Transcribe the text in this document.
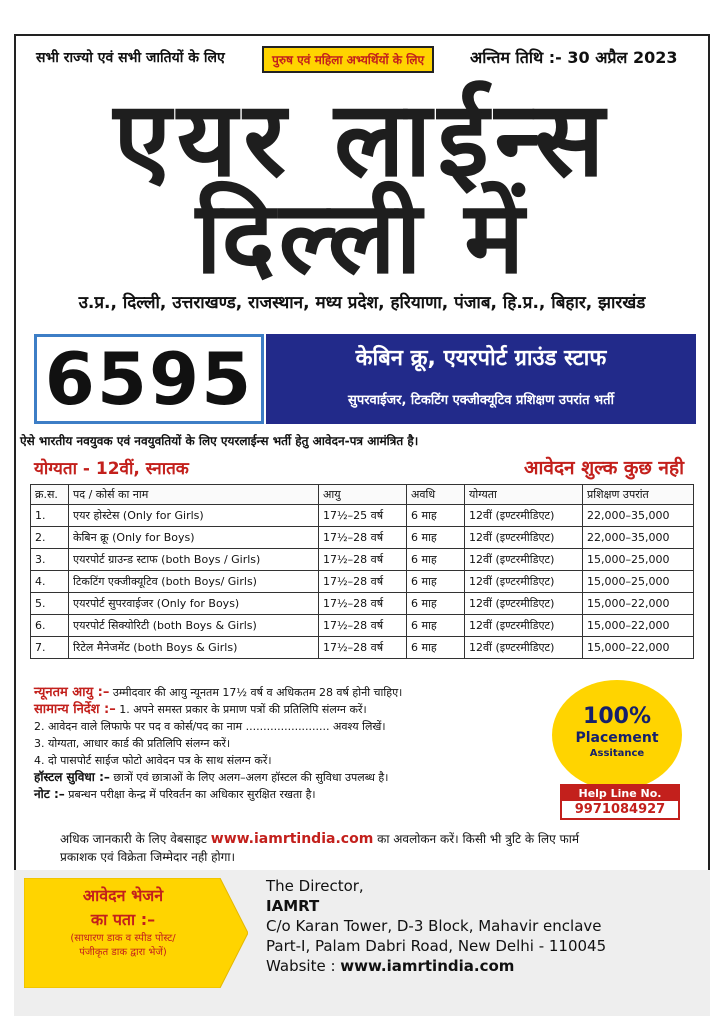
सभी राज्यो एवं सभी जातियों के लिए	पुरुष एवं महिला अभ्यर्थियों के लिए	अन्तिम तिथि :- 30 अप्रैल 2023
एयर लाईन्स
दिल्ली में
उ.प्र., दिल्ली, उत्तराखण्ड, राजस्थान, मध्य प्रदेश, हरियाणा, पंजाब, हि.प्र., बिहार, झारखंड
6595	केबिन क्रू, एयरपोर्ट ग्राउंड स्टाफ
सुपरवाईजर, टिकटिंग एक्जीक्यूटिव प्रशिक्षण उपरांत भर्ती
ऐसे भारतीय नवयुवक एवं नवयुवतियों के लिए एयरलाईन्स भर्ती हेतु आवेदन-पत्र आमंत्रित है।
योग्यता - 12वीं, स्नातक	आवेदन शुल्क कुछ नही
क्र.स.	पद / कोर्स का नाम	आयु	अवधि	योग्यता	प्रशिक्षण उपरांत
1.	एयर होस्टेस (Only for Girls)	17½–25 वर्ष	6 माह	12वीं (इण्टरमीडिएट)	22,000–35,000
2.	केबिन क्रू (Only for Boys)	17½–28 वर्ष	6 माह	12वीं (इण्टरमीडिएट)	22,000–35,000
3.	एयरपोर्ट ग्राउन्ड स्टाफ (both Boys / Girls)	17½–28 वर्ष	6 माह	12वीं (इण्टरमीडिएट)	15,000–25,000
4.	टिकटिंग एक्जीक्यूटिव (both Boys/ Girls)	17½–28 वर्ष	6 माह	12वीं (इण्टरमीडिएट)	15,000–25,000
5.	एयरपोर्ट सुपरवाईजर (Only for Boys)	17½–28 वर्ष	6 माह	12वीं (इण्टरमीडिएट)	15,000–22,000
6.	एयरपोर्ट सिक्योरिटी (both Boys & Girls)	17½–28 वर्ष	6 माह	12वीं (इण्टरमीडिएट)	15,000–22,000
7.	रिटेल मैनेजमेंट (both Boys & Girls)	17½–28 वर्ष	6 माह	12वीं (इण्टरमीडिएट)	15,000–22,000

न्यूनतम आयु :– उम्मीदवार की आयु न्यूनतम 17½ वर्ष व अधिकतम 28 वर्ष होनी चाहिए।

सामान्य निर्देश :– 1. अपने समस्त प्रकार के प्रमाण पत्रों की प्रतिलिपि संलग्न करें।

2. आवेदन वाले लिफाफे पर पद व कोर्स/पद का नाम ........................ अवश्य लिखें।

3. योग्यता, आधार कार्ड की प्रतिलिपि संलग्न करें।

4. दो पासपोर्ट साईज फोटो आवेदन पत्र के साथ संलग्न करें।

हॉस्टल सुविधा :– छात्रों एवं छात्राओं के लिए अलग–अलग हॉस्टल की सुविधा उपलब्ध है।

नोट :– प्रबन्धन परीक्षा केन्द्र में परिवर्तन का अधिकार सुरक्षित रखता है।

100%
Placement
Assitance
Help Line No.
9971084927
अधिक जानकारी के लिए वेबसाइट www.iamrtindia.com का अवलोकन करें। किसी भी त्रुटि के लिए फार्म
प्रकाशक एवं विक्रेता जिम्मेदार नही होगा।
आवेदन भेजने
का पता :–
(साधारण डाक व स्पीड पोस्ट/
पंजीकृत डाक द्वारा भेजें)
The Director,
IAMRT
C/o Karan Tower, D-3 Block, Mahavir enclave
Part-I, Palam Dabri Road, New Delhi - 110045
Wabsite : www.iamrtindia.com
